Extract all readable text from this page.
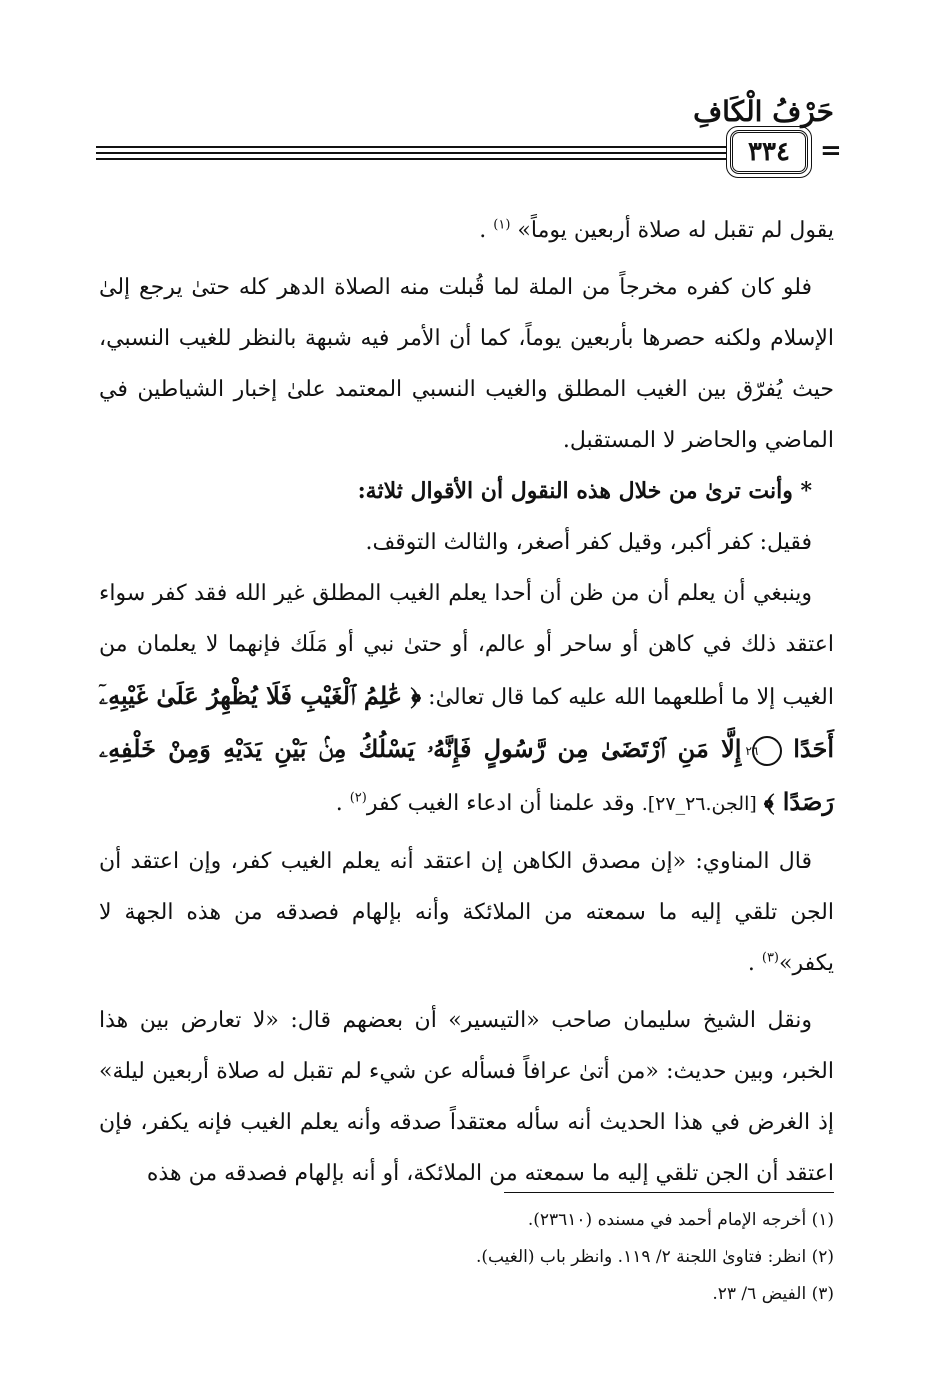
حَرْفُ الْكَافِ
=
٣٣٤

يقول لم تقبل له صلاة أربعين يوماً» $^{(١)}$ .

فلو كان كفره مخرجاً من الملة لما قُبلت منه الصلاة الدهر كله حتىٰ يرجع إلىٰ الإسلام ولكنه حصرها بأربعين يوماً، كما أن الأمر فيه شبهة بالنظر للغيب النسبي، حيث يُفرّق بين الغيب المطلق والغيب النسبي المعتمد علىٰ إخبار الشياطين في الماضي والحاضر لا المستقبل.

* وأنت ترىٰ من خلال هذه النقول أن الأقوال ثلاثة:

فقيل: كفر أكبر، وقيل كفر أصغر، والثالث التوقف.

وينبغي أن يعلم أن من ظن أن أحدا يعلم الغيب المطلق غير الله فقد كفر سواء اعتقد ذلك في كاهن أو ساحر أو عالم، أو حتىٰ نبي أو مَلَك فإنهما لا يعلمان من الغيب إلا ما أطلعهما الله عليه كما قال تعالىٰ: ﴿ عَٰلِمُ ٱلْغَيْبِ فَلَا يُظْهِرُ عَلَىٰ غَيْبِهِۦٓ أَحَدًا ٢٦ إِلَّا مَنِ ٱرْتَضَىٰ مِن رَّسُولٍ فَإِنَّهُۥ يَسْلُكُ مِنۢ بَيْنِ يَدَيْهِ وَمِنْ خَلْفِهِۦ رَصَدًا ﴾ [الجن.٢٦_٢٧]. وقد علمنا أن ادعاء الغيب كفر$^{(٢)}$ .

قال المناوي: «إن مصدق الكاهن إن اعتقد أنه يعلم الغيب كفر، وإن اعتقد أن الجن تلقي إليه ما سمعته من الملائكة وأنه بإلهام فصدقه من هذه الجهة لا يكفر»$^{(٣)}$ .

ونقل الشيخ سليمان صاحب «التيسير» أن بعضهم قال: «لا تعارض بين هذا الخبر، وبين حديث: «من أتىٰ عرافاً فسأله عن شيء لم تقبل له صلاة أربعين ليلة» إذ الغرض في هذا الحديث أنه سأله معتقداً صدقه وأنه يعلم الغيب فإنه يكفر، فإن اعتقد أن الجن تلقي إليه ما سمعته من الملائكة، أو أنه بإلهام فصدقه من هذه

(١) أخرجه الإمام أحمد في مسنده (٢٣٦١٠).

(٢) انظر: فتاوىٰ اللجنة ٢/ ١١٩. وانظر باب (الغيب).

(٣) الفيض ٦/ ٢٣.
